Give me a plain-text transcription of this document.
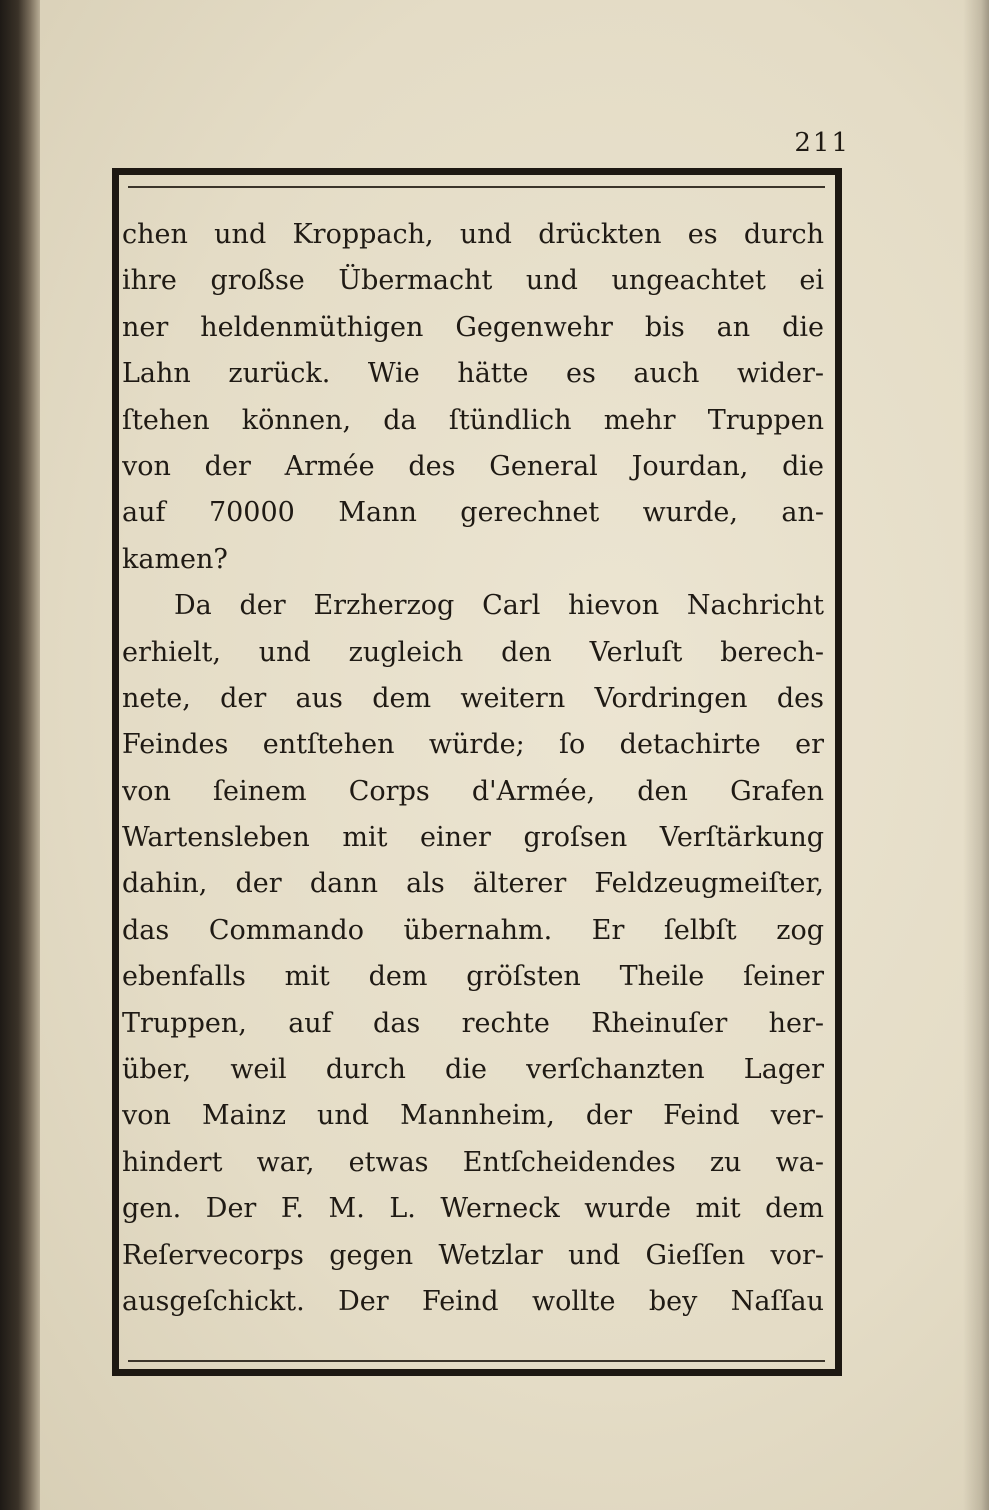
211
chen und Kroppach, und drückten es durch
ihre großse Übermacht und ungeachtet ei
ner heldenmüthigen Gegenwehr bis an die
Lahn zurück. Wie hätte es auch wider-
ſtehen können, da ſtündlich mehr Truppen
von der Armée des General Jourdan, die
auf 70000 Mann gerechnet wurde, an-
kamen?
Da der Erzherzog Carl hievon Nachricht
erhielt, und zugleich den Verluſt berech-
nete, der aus dem weitern Vordringen des
Feindes entſtehen würde; ſo detachirte er
von ſeinem Corps d'Armée, den Grafen
Wartensleben mit einer groſsen Verſtärkung
dahin, der dann als älterer Feldzeugmeiſter,
das Commando übernahm. Er ſelbſt zog
ebenfalls mit dem gröſsten Theile ſeiner
Truppen, auf das rechte Rheinuſer her-
über, weil durch die verſchanzten Lager
von Mainz und Mannheim, der Feind ver-
hindert war, etwas Entſcheidendes zu wa-
gen. Der F. M. L. Werneck wurde mit dem
Reſervecorps gegen Wetzlar und Gieſſen vor-
ausgeſchickt. Der Feind wollte bey Naſſau
